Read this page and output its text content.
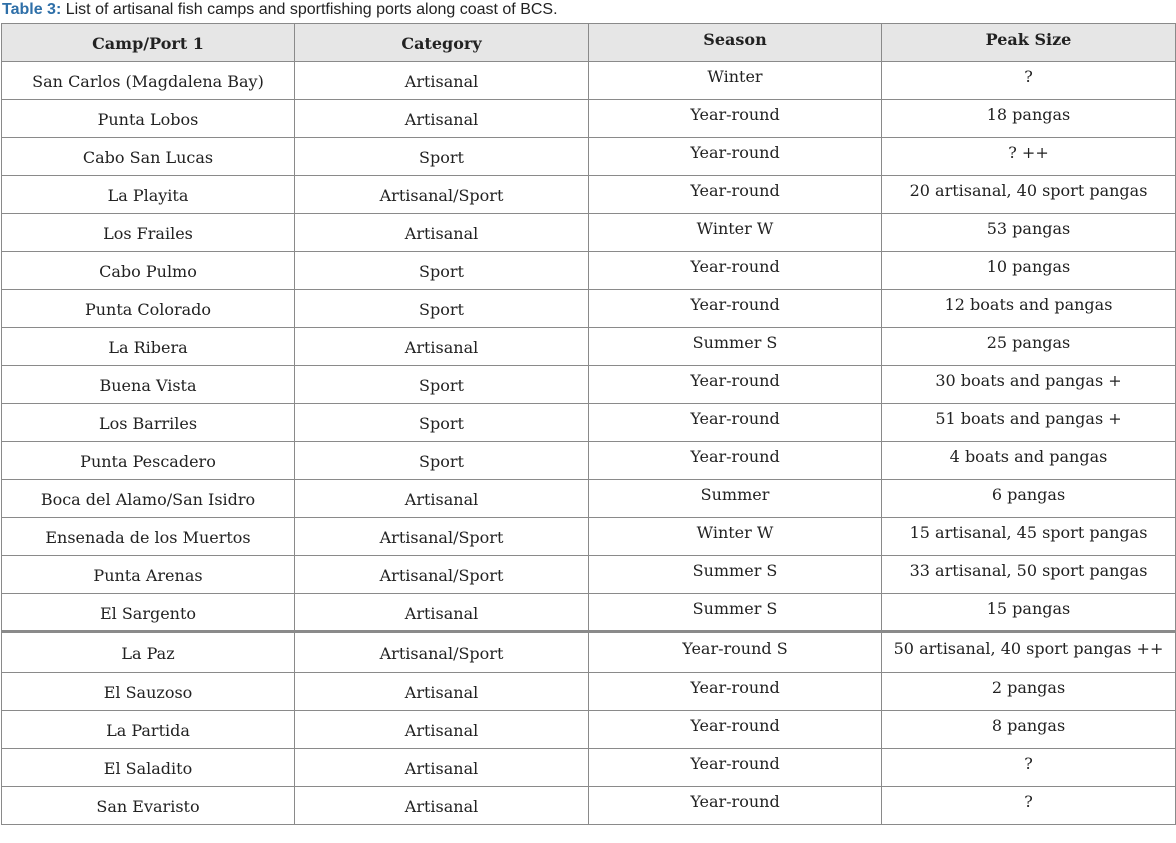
Table 3: List of artisanal fish camps and sportfishing ports along coast of BCS.
Camp/Port 1	Category	Season	Peak Size
San Carlos (Magdalena Bay)	Artisanal	Winter	?
Punta Lobos	Artisanal	Year-round	18 pangas
Cabo San Lucas	Sport	Year-round	? ++
La Playita	Artisanal/Sport	Year-round	20 artisanal, 40 sport pangas
Los Frailes	Artisanal	Winter W	53 pangas
Cabo Pulmo	Sport	Year-round	10 pangas
Punta Colorado	Sport	Year-round	12 boats and pangas
La Ribera	Artisanal	Summer S	25 pangas
Buena Vista	Sport	Year-round	30 boats and pangas +
Los Barriles	Sport	Year-round	51 boats and pangas +
Punta Pescadero	Sport	Year-round	4 boats and pangas
Boca del Alamo/San Isidro	Artisanal	Summer	6 pangas
Ensenada de los Muertos	Artisanal/Sport	Winter W	15 artisanal, 45 sport pangas
Punta Arenas	Artisanal/Sport	Summer S	33 artisanal, 50 sport pangas
El Sargento	Artisanal	Summer S	15 pangas
La Paz	Artisanal/Sport	Year-round S	50 artisanal, 40 sport pangas ++
El Sauzoso	Artisanal	Year-round	2 pangas
La Partida	Artisanal	Year-round	8 pangas
El Saladito	Artisanal	Year-round	?
San Evaristo	Artisanal	Year-round	?
